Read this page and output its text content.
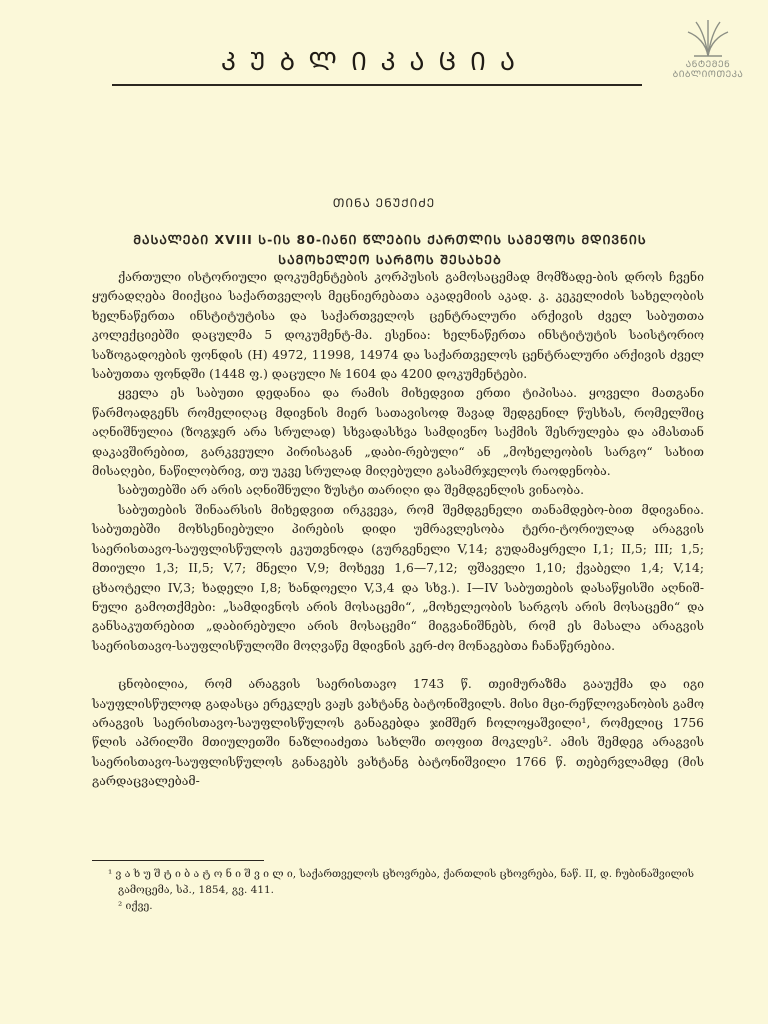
ᲙᲣᲑᲚᲘᲙᲐᲪᲘᲐ	ᲐᲜᲢᲔᲛᲔᲜ
ᲑᲘᲑᲚᲘᲝᲗᲔᲙᲐ
ᲗᲘᲜᲐ ᲔᲜᲣᲥᲘᲫᲔ
ᲛᲐᲡᲐᲚᲔᲑᲘ XVIII Ს-ᲘᲡ 80-ᲘᲐᲜᲘ ᲬᲚᲔᲑᲘᲡ ᲥᲐᲠᲗᲚᲘᲡ ᲡᲐᲛᲔᲤᲝᲡ ᲛᲓᲘᲕᲜᲘᲡ ᲡᲐᲛᲝᲮᲔᲚᲔᲝ ᲡᲐᲠᲒᲝᲡ ᲨᲔᲡᲐᲮᲔᲑ

ქართული ისტორიული დოკუმენტების კორპუსის გამოსაცემად მომზადე-ბის დროს ჩვენი ყურადღება მიიქცია საქართველოს მეცნიერებათა აკადემიის აკად. კ. კეკელიძის სახელობის ხელნაწერთა ინსტიტუტისა და საქართველოს ცენტრალური არქივის ძველ საბუთთა კოლექციებში დაცულმა 5 დოკუმენტ-მა. ესენია: ხელნაწერთა ინსტიტუტის საისტორიო საზოგადოების ფონდის (H) 4972, 11998, 14974 და საქართველოს ცენტრალური არქივის ძველ საბუთთა ფონდში (1448 ფ.) დაცული № 1604 და 4200 დოკუმენტები.

ყველა ეს საბუთი დედანია და რამის მიხედვით ერთი ტიპისაა. ყოველი მათგანი წარმოადგენს რომელიღაც მდივნის მიერ სათავისოდ შავად შედგენილ წუსხას, რომელშიც აღნიშნულია (ზოგჯერ არა სრულად) სხვადასხვა სამდივნო საქმის შესრულება და ამასთან დაკავშირებით, გარკვეული პირისაგან „დაბი-რებული“ ან „მოხელეობის სარგო“ სახით მისაღები, ნაწილობრივ, თუ უკვე სრულად მიღებული გასამრჯელოს რაოდენობა.

საბუთებში არ არის აღნიშნული ზუსტი თარიღი და შემდგენლის ვინაობა.

საბუთების შინაარსის მიხედვით ირკვევა, რომ შემდგენელი თანამდებო-ბით მდივანია. საბუთებში მოხსენიებული პირების დიდი უმრავლესობა ტერი-ტორიულად არაგვის საერისთავო-საუფლისწულოს ეკუთვნოდა (გურგენელი V,14; გუდამაყრელი I,1; II,5; III; 1,5; მთიული 1,3; II,5; V,7; მნელი V,9; მოხევე 1,6—7,12; ფშაველი 1,10; ქვაბელი 1,4; V,14; ცხაოტელი IV,3; ხადელი I,8; ხანდოელი V,3,4 და სხვ.). I—IV საბუთების დასაწყისში აღნიშ-ნული გამოთქმები: „სამდივნოს არის მოსაცემი“, „მოხელეობის სარგოს არის მოსაცემი“ და განსაკუთრებით „დაბირებული არის მოსაცემი“ მიგვანიშნებს, რომ ეს მასალა არაგვის საერისთავო-საუფლისწულოში მოღვაწე მდივნის კერ-ძო მონაგებთა ჩანაწერებია.

ცნობილია, რომ არაგვის საერისთავო 1743 წ. თეიმურაზმა გააუქმა და იგი საუფლისწულოდ გადასცა ერეკლეს ვაჟს ვახტანგ ბატონიშვილს. მისი მცი-რეწლოვანობის გამო არაგვის საერისთავო-საუფლისწულოს განაგებდა ჯიმშერ ჩოლოყაშვილი¹, რომელიც 1756 წლის აპრილში მთიულეთში ნაზლიაძეთა სახლში თოფით მოკლეს². ამის შემდეგ არაგვის საერისთავო-საუფლისწულოს განაგებს ვახტანგ ბატონიშვილი 1766 წ. თებერვლამდე (მის გარდაცვალებამ-

¹ ვ ა ხ უ შ ტ ი ბ ა ტ ო ნ ი შ ვ ი ლ ი, საქართველოს ცხოვრება, ქართლის ცხოვრება, ნაწ. II, დ. ჩუბინაშვილის გამოცემა, სპ., 1854, გვ. 411.

² იქვე.
